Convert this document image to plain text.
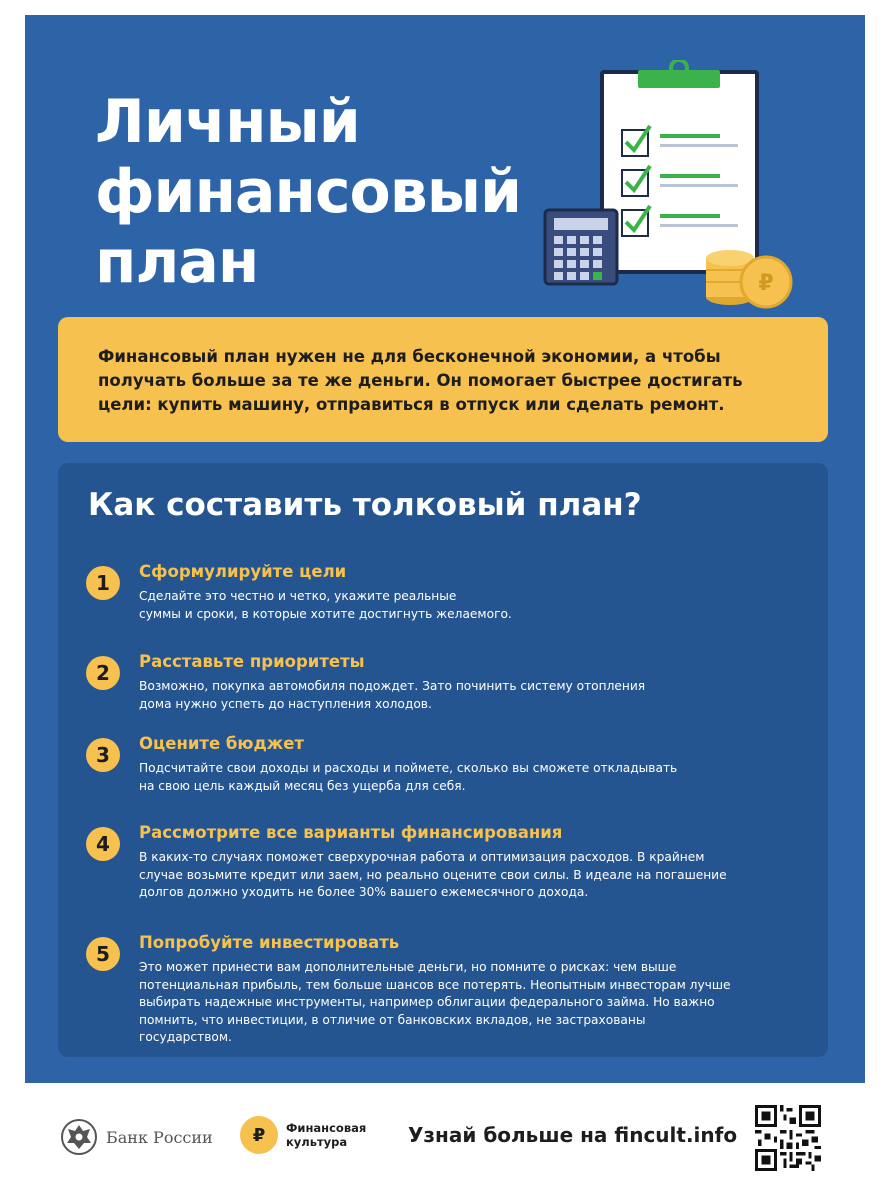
Личный
финансовый
план	₽

Финансовый план нужен не для бесконечной экономии, а чтобы получать больше за те же деньги. Он помогает быстрее достигать цели: купить машину, отправиться в отпуск или сделать ремонт.

Как составить толковый план?
1	Сформулируйте цели

Сделайте это честно и четко, укажите реальные
суммы и сроки, в которые хотите достигнуть желаемого.

2	Расставьте приоритеты

Возможно, покупка автомобиля подождет. Зато починить систему отопления
дома нужно успеть до наступления холодов.

3	Оцените бюджет

Подсчитайте свои доходы и расходы и поймете, сколько вы сможете откладывать
на свою цель каждый месяц без ущерба для себя.

4	Рассмотрите все варианты финансирования

В каких-то случаях поможет сверхурочная работа и оптимизация расходов. В крайнем
случае возьмите кредит или заем, но реально оцените свои силы. В идеале на погашение
долгов должно уходить не более 30% вашего ежемесячного дохода.

5	Попробуйте инвестировать

Это может принести вам дополнительные деньги, но помните о рисках: чем выше
потенциальная прибыль, тем больше шансов все потерять. Неопытным инвесторам лучше
выбирать надежные инструменты, например облигации федерального займа. Но важно
помнить, что инвестиции, в отличие от банковских вкладов, не застрахованы
государством.

Банк России	₽	Финансовая
культура	Узнай больше на fincult.info
